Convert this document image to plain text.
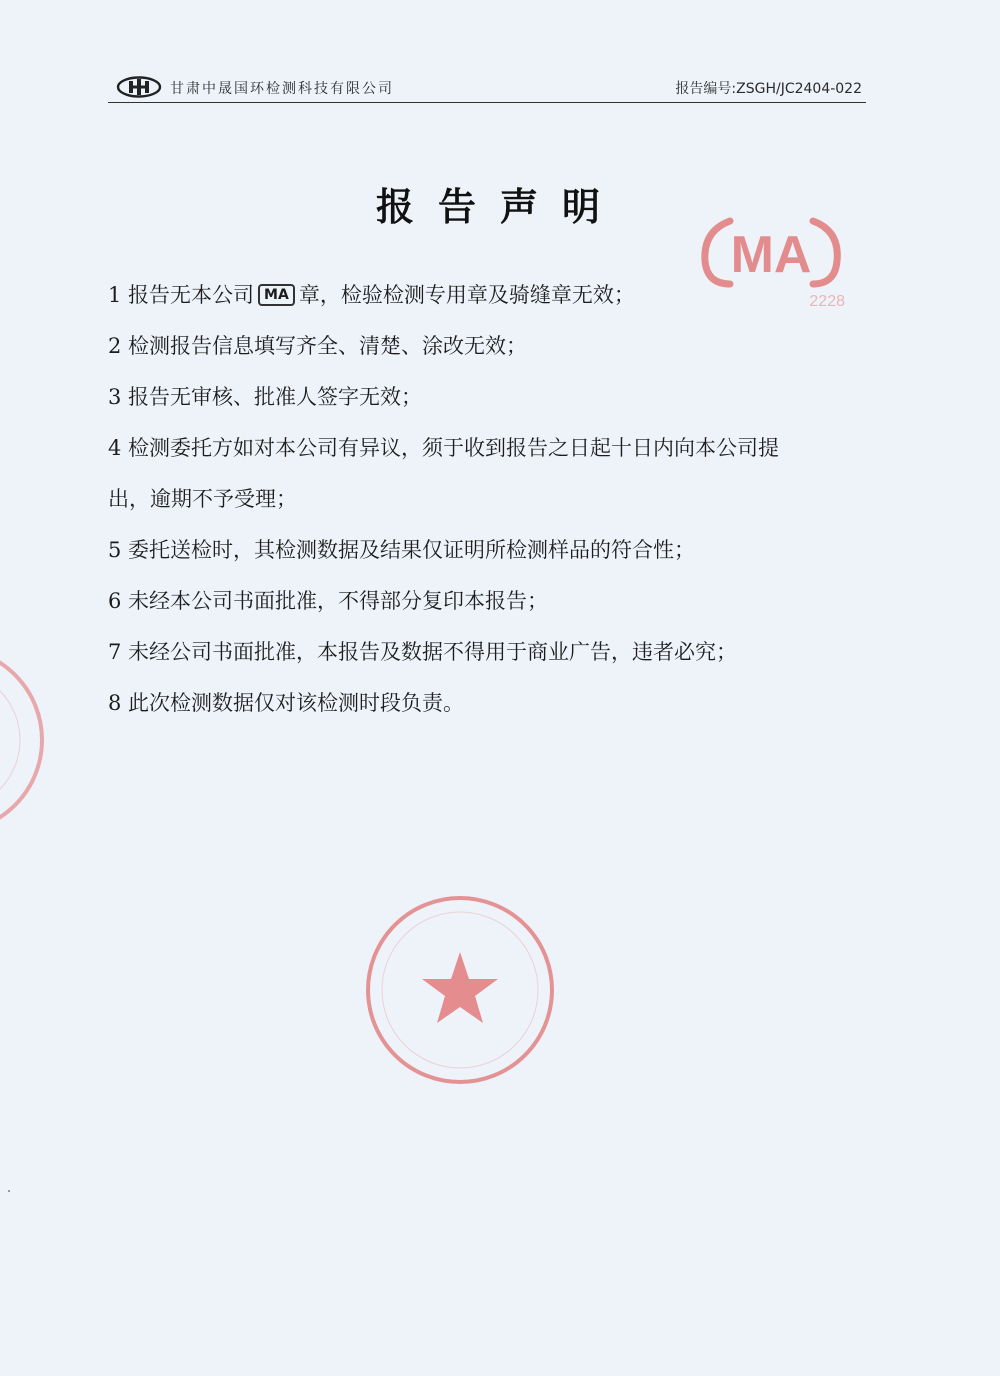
甘肃中晟国环检测科技有限公司	报告编号:ZSGH/JC2404-022
报告声明

1 报告无本公司 MA 章，检验检测专用章及骑缝章无效；

2 检测报告信息填写齐全、清楚、涂改无效；

3 报告无审核、批准人签字无效；

4 检测委托方如对本公司有异议，须于收到报告之日起十日内向本公司提

出，逾期不予受理；

5 委托送检时，其检测数据及结果仅证明所检测样品的符合性；

6 未经本公司书面批准，不得部分复印本报告；

7 未经公司书面批准，本报告及数据不得用于商业广告，违者必究；

8 此次检测数据仅对该检测时段负责。

MA
2228
